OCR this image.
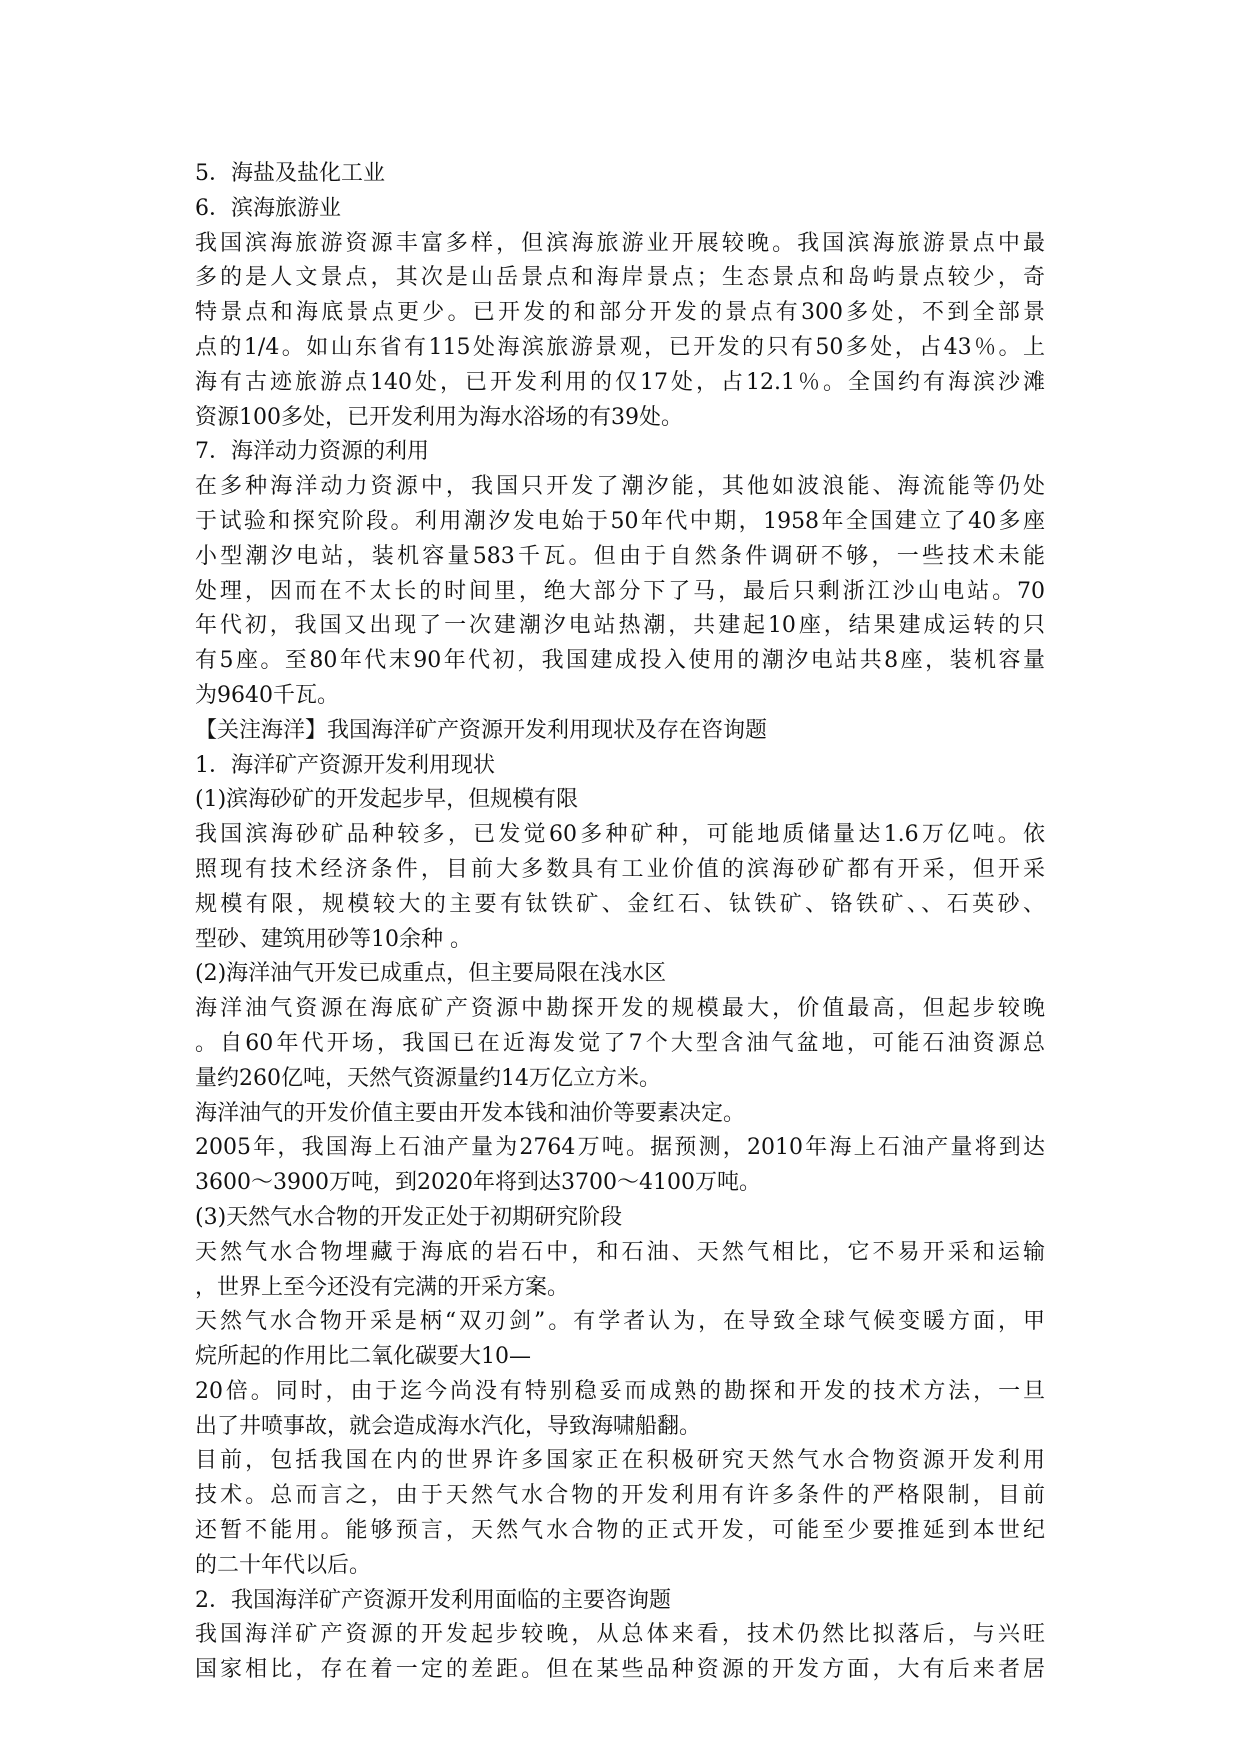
5．海盐及盐化工业
6．滨海旅游业
我国滨海旅游资源丰富多样，但滨海旅游业开展较晚。我国滨海旅游景点中最
多的是人文景点，其次是山岳景点和海岸景点；生态景点和岛屿景点较少，奇
特景点和海底景点更少。已开发的和部分开发的景点有300多处，不到全部景
点的1/4。如山东省有115处海滨旅游景观，已开发的只有50多处，占43％。上
海有古迹旅游点140处，已开发利用的仅17处，占12.1％。全国约有海滨沙滩
资源100多处，已开发利用为海水浴场的有39处。
7．海洋动力资源的利用
在多种海洋动力资源中，我国只开发了潮汐能，其他如波浪能、海流能等仍处
于试验和探究阶段。利用潮汐发电始于50年代中期，1958年全国建立了40多座
小型潮汐电站，装机容量583千瓦。但由于自然条件调研不够，一些技术未能
处理，因而在不太长的时间里，绝大部分下了马，最后只剩浙江沙山电站。70
年代初，我国又出现了一次建潮汐电站热潮，共建起10座，结果建成运转的只
有5座。至80年代末90年代初，我国建成投入使用的潮汐电站共8座，装机容量
为9640千瓦。
【关注海洋】我国海洋矿产资源开发利用现状及存在咨询题
1．海洋矿产资源开发利用现状
(1)滨海砂矿的开发起步早，但规模有限
我国滨海砂矿品种较多，已发觉60多种矿种，可能地质储量达1.6万亿吨。依
照现有技术经济条件，目前大多数具有工业价值的滨海砂矿都有开采，但开采
规模有限，规模较大的主要有钛铁矿、金红石、钛铁矿、铬铁矿、、石英砂、
型砂、建筑用砂等10余种 。
(2)海洋油气开发已成重点，但主要局限在浅水区
海洋油气资源在海底矿产资源中勘探开发的规模最大，价值最高，但起步较晚
。自60年代开场，我国已在近海发觉了7个大型含油气盆地，可能石油资源总
量约260亿吨，天然气资源量约14万亿立方米。
海洋油气的开发价值主要由开发本钱和油价等要素决定。
2005年，我国海上石油产量为2764万吨。据预测，2010年海上石油产量将到达
3600～3900万吨，到2020年将到达3700～4100万吨。
(3)天然气水合物的开发正处于初期研究阶段
天然气水合物埋藏于海底的岩石中，和石油、天然气相比，它不易开采和运输
，世界上至今还没有完满的开采方案。
天然气水合物开采是柄“双刃剑”。有学者认为，在导致全球气候变暖方面，甲
烷所起的作用比二氧化碳要大10—
20倍。同时，由于迄今尚没有特别稳妥而成熟的勘探和开发的技术方法，一旦
出了井喷事故，就会造成海水汽化，导致海啸船翻。
目前，包括我国在内的世界许多国家正在积极研究天然气水合物资源开发利用
技术。总而言之，由于天然气水合物的开发利用有许多条件的严格限制，目前
还暂不能用。能够预言，天然气水合物的正式开发，可能至少要推延到本世纪
的二十年代以后。
2．我国海洋矿产资源开发利用面临的主要咨询题
我国海洋矿产资源的开发起步较晚，从总体来看，技术仍然比拟落后，与兴旺
国家相比，存在着一定的差距。但在某些品种资源的开发方面，大有后来者居
